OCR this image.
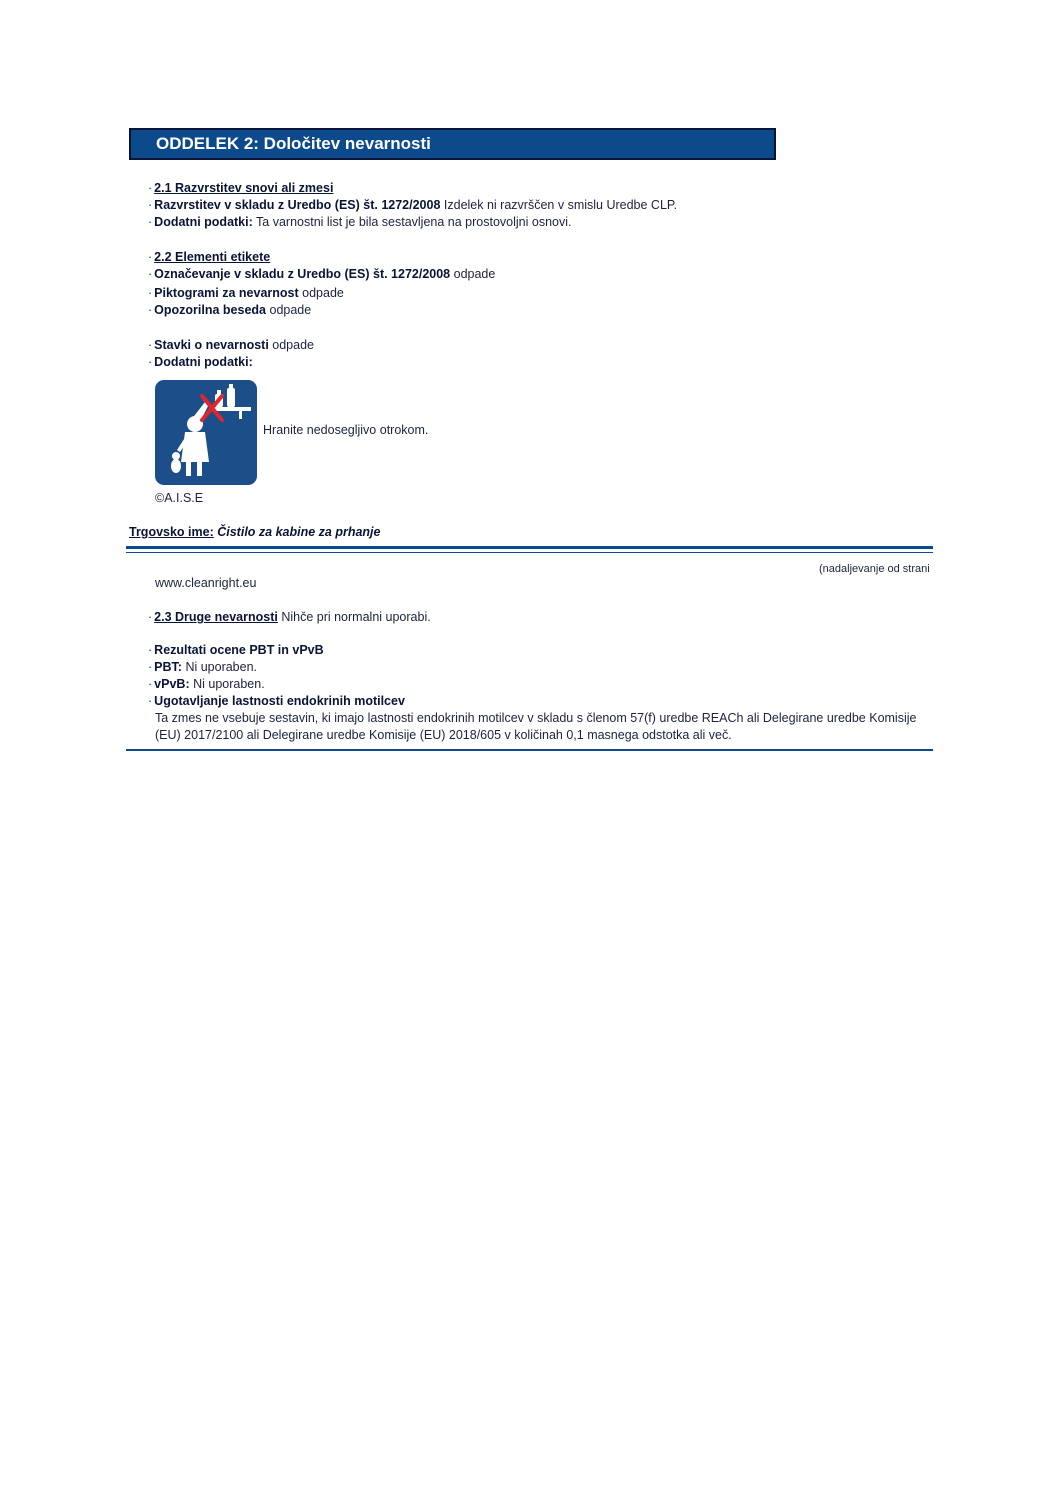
ODDELEK 2: Določitev nevarnosti
· 2.1 Razvrstitev snovi ali zmesi
· Razvrstitev v skladu z Uredbo (ES) št. 1272/2008 Izdelek ni razvrščen v smislu Uredbe CLP.
· Dodatni podatki: Ta varnostni list je bila sestavljena na prostovoljni osnovi.
· 2.2 Elementi etikete
· Označevanje v skladu z Uredbo (ES) št. 1272/2008 odpade
· Piktogrami za nevarnost odpade
· Opozorilna beseda odpade
· Stavki o nevarnosti odpade
· Dodatni podatki:
Hranite nedosegljivo otrokom.
©A.I.S.E
Trgovsko ime: Čistilo za kabine za prhanje
(nadaljevanje od strani
www.cleanright.eu
· 2.3 Druge nevarnosti Nihče pri normalni uporabi.
· Rezultati ocene PBT in vPvB
· PBT: Ni uporaben.
· vPvB: Ni uporaben.
· Ugotavljanje lastnosti endokrinih motilcev
Ta zmes ne vsebuje sestavin, ki imajo lastnosti endokrinih motilcev v skladu s členom 57(f) uredbe REACh ali Delegirane uredbe Komisije (EU) 2017/2100 ali Delegirane uredbe Komisije (EU) 2018/605 v količinah 0,1 masnega odstotka ali več.
